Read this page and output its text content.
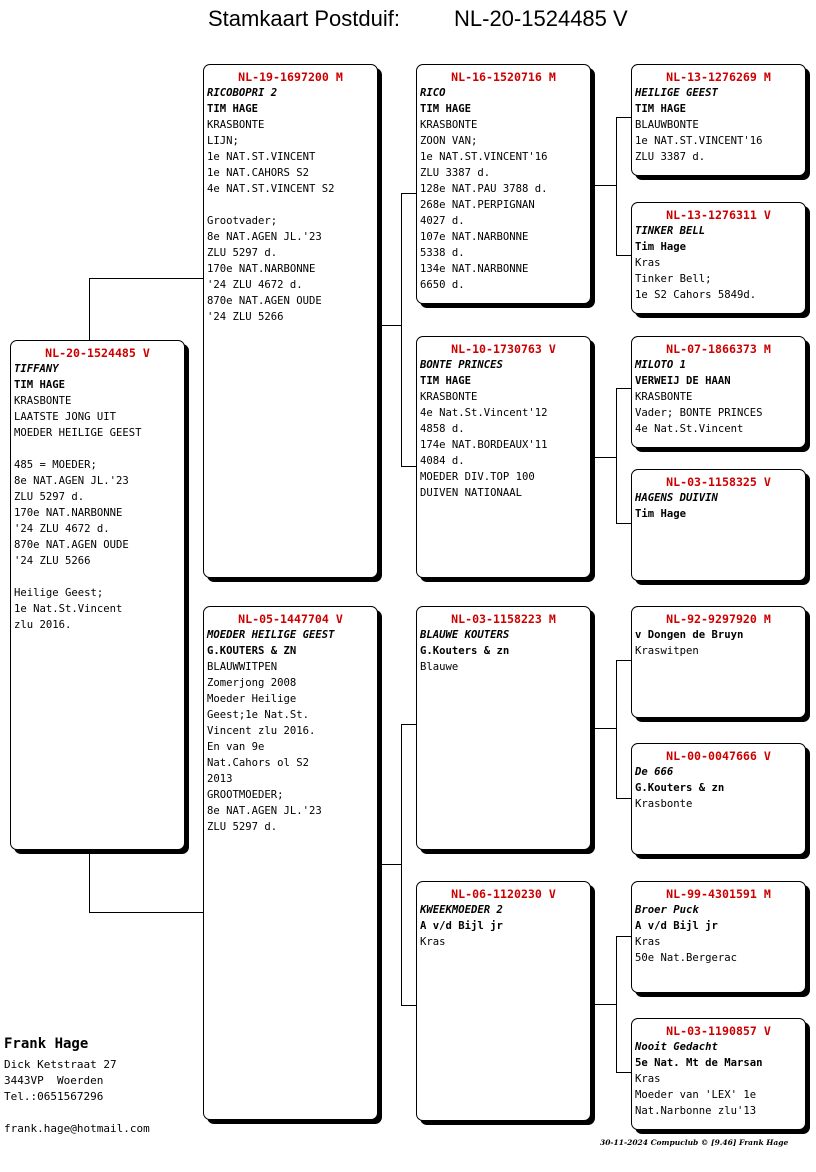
Stamkaart Postduif: NL-20-1524485 V
NL-20-1524485 V
TIFFANY
TIM HAGE
KRASBONTE
LAATSTE JONG UIT
MOEDER HEILIGE GEEST
485 = MOEDER;
8e NAT.AGEN JL.'23
ZLU 5297 d.
170e NAT.NARBONNE
'24 ZLU 4672 d.
870e NAT.AGEN OUDE
'24 ZLU 5266
Heilige Geest;
1e Nat.St.Vincent
zlu 2016.
NL-19-1697200 M
RICOBOPRI 2
TIM HAGE
KRASBONTE
LIJN;
1e NAT.ST.VINCENT
1e NAT.CAHORS S2
4e NAT.ST.VINCENT S2
Grootvader;
8e NAT.AGEN JL.'23
ZLU 5297 d.
170e NAT.NARBONNE
'24 ZLU 4672 d.
870e NAT.AGEN OUDE
'24 ZLU 5266
NL-05-1447704 V
MOEDER HEILIGE GEEST
G.KOUTERS & ZN
BLAUWWITPEN
Zomerjong 2008
Moeder Heilige
Geest;1e Nat.St.
Vincent zlu 2016.
En van 9e
Nat.Cahors ol S2
2013
GROOTMOEDER;
8e NAT.AGEN JL.'23
ZLU 5297 d.
NL-16-1520716 M
RICO
TIM HAGE
KRASBONTE
ZOON VAN;
1e NAT.ST.VINCENT'16
ZLU 3387 d.
128e NAT.PAU 3788 d.
268e NAT.PERPIGNAN
4027 d.
107e NAT.NARBONNE
5338 d.
134e NAT.NARBONNE
6650 d.
NL-10-1730763 V
BONTE PRINCES
TIM HAGE
KRASBONTE
4e Nat.St.Vincent'12
4858 d.
174e NAT.BORDEAUX'11
4084 d.
MOEDER DIV.TOP 100
DUIVEN NATIONAAL
NL-03-1158223 M
BLAUWE KOUTERS
G.Kouters & zn
Blauwe
NL-06-1120230 V
KWEEKMOEDER 2
A v/d Bijl jr
Kras
NL-13-1276269 M
HEILIGE GEEST
TIM HAGE
BLAUWBONTE
1e NAT.ST.VINCENT'16
ZLU 3387 d.
NL-13-1276311 V
TINKER BELL
Tim Hage
Kras
Tinker Bell;
1e S2 Cahors 5849d.
NL-07-1866373 M
MILOTO 1
VERWEIJ DE HAAN
KRASBONTE
Vader; BONTE PRINCES
4e Nat.St.Vincent
NL-03-1158325 V
HAGENS DUIVIN
Tim Hage
NL-92-9297920 M
v Dongen de Bruyn
Kraswitpen
NL-00-0047666 V
De 666
G.Kouters & zn
Krasbonte
NL-99-4301591 M
Broer Puck
A v/d Bijl jr
Kras
50e Nat.Bergerac
NL-03-1190857 V
Nooit Gedacht
5e Nat. Mt de Marsan
Kras
Moeder van 'LEX' 1e
Nat.Narbonne zlu'13
Frank Hage
Dick Ketstraat 27
3443VP  Woerden
Tel.:0651567296
frank.hage@hotmail.com
30-11-2024 Compuclub © [9.46] Frank Hage
